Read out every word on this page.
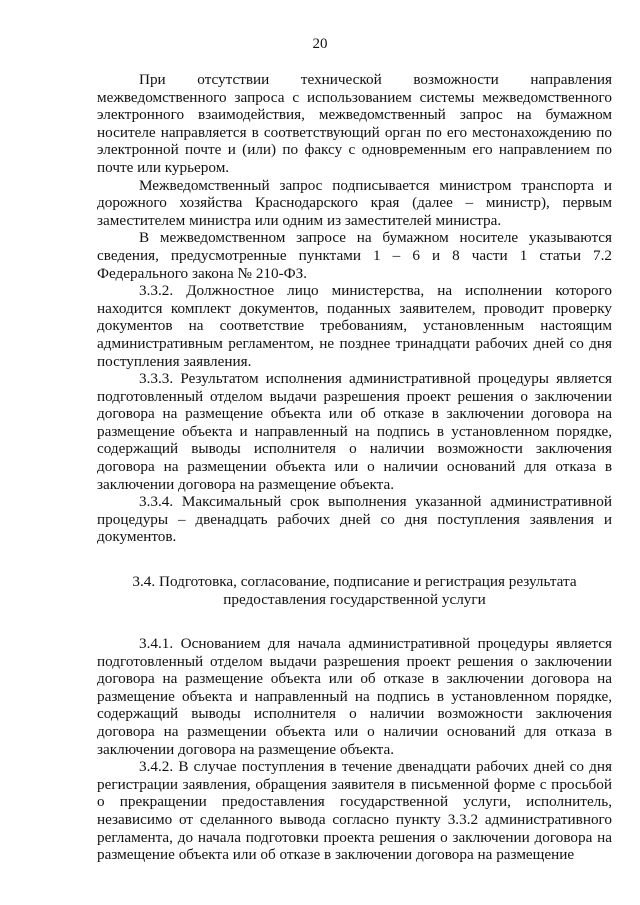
20

При отсутствии технической возможности направления межведомственного запроса с использованием системы межведомственного электронного взаимодействия, межведомственный запрос на бумажном носителе направляется в соответствующий орган по его местонахождению по электронной почте и (или) по факсу с одновременным его направлением по почте или курьером.

Межведомственный запрос подписывается министром транспорта и дорожного хозяйства Краснодарского края (далее – министр), первым заместителем министра или одним из заместителей министра.

В межведомственном запросе на бумажном носителе указываются сведения, предусмотренные пунктами 1 – 6 и 8 части 1 статьи 7.2 Федерального закона № 210-ФЗ.

3.3.2. Должностное лицо министерства, на исполнении которого находится комплект документов, поданных заявителем, проводит проверку документов на соответствие требованиям, установленным настоящим административным регламентом, не позднее тринадцати рабочих дней со дня поступления заявления.

3.3.3. Результатом исполнения административной процедуры является подготовленный отделом выдачи разрешения проект решения о заключении договора на размещение объекта или об отказе в заключении договора на размещение объекта и направленный на подпись в установленном порядке, содержащий выводы исполнителя о наличии возможности заключения договора на размещении объекта или о наличии оснований для отказа в заключении договора на размещение объекта.

3.3.4. Максимальный срок выполнения указанной административной процедуры – двенадцать рабочих дней со дня поступления заявления и документов.

3.4. Подготовка, согласование, подписание и регистрация результата
предоставления государственной услуги

3.4.1. Основанием для начала административной процедуры является подготовленный отделом выдачи разрешения проект решения о заключении договора на размещение объекта или об отказе в заключении договора на размещение объекта и направленный на подпись в установленном порядке, содержащий выводы исполнителя о наличии возможности заключения договора на размещении объекта или о наличии оснований для отказа в заключении договора на размещение объекта.

3.4.2. В случае поступления в течение двенадцати рабочих дней со дня регистрации заявления, обращения заявителя в письменной форме с просьбой о прекращении предоставления государственной услуги, исполнитель, независимо от сделанного вывода согласно пункту 3.3.2 административного регламента, до начала подготовки проекта решения о заключении договора на размещение объекта или об отказе в заключении договора на размещение
